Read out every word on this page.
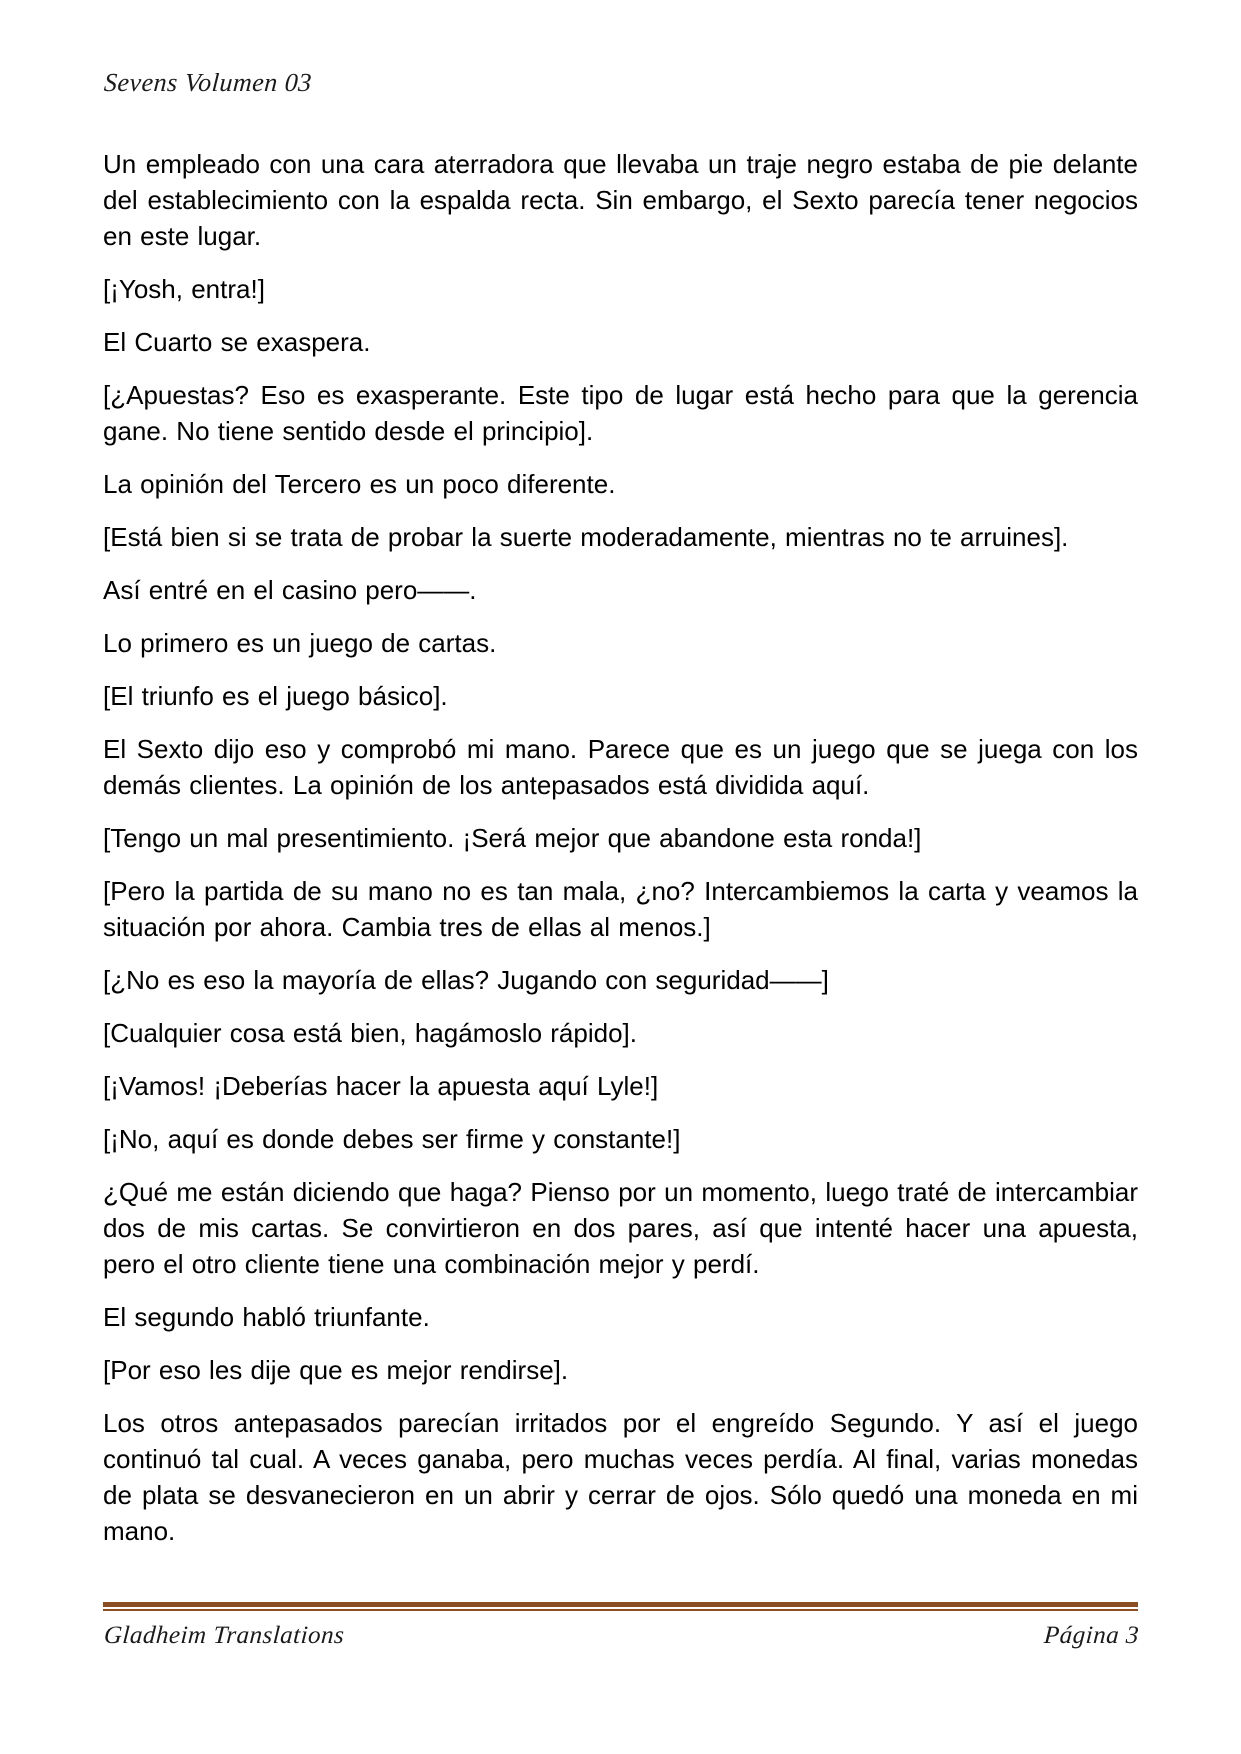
Sevens Volumen 03

Un empleado con una cara aterradora que llevaba un traje negro estaba de pie delante del establecimiento con la espalda recta. Sin embargo, el Sexto parecía tener negocios en este lugar.

[¡Yosh, entra!]

El Cuarto se exaspera.

[¿Apuestas? Eso es exasperante. Este tipo de lugar está hecho para que la gerencia gane. No tiene sentido desde el principio].

La opinión del Tercero es un poco diferente.

[Está bien si se trata de probar la suerte moderadamente, mientras no te arruines].

Así entré en el casino pero——.

Lo primero es un juego de cartas.

[El triunfo es el juego básico].

El Sexto dijo eso y comprobó mi mano. Parece que es un juego que se juega con los demás clientes. La opinión de los antepasados está dividida aquí.

[Tengo un mal presentimiento. ¡Será mejor que abandone esta ronda!]

[Pero la partida de su mano no es tan mala, ¿no? Intercambiemos la carta y veamos la situación por ahora. Cambia tres de ellas al menos.]

[¿No es eso la mayoría de ellas? Jugando con seguridad——]

[Cualquier cosa está bien, hagámoslo rápido].

[¡Vamos! ¡Deberías hacer la apuesta aquí Lyle!]

[¡No, aquí es donde debes ser firme y constante!]

¿Qué me están diciendo que haga? Pienso por un momento, luego traté de intercambiar dos de mis cartas. Se convirtieron en dos pares, así que intenté hacer una apuesta, pero el otro cliente tiene una combinación mejor y perdí.

El segundo habló triunfante.

[Por eso les dije que es mejor rendirse].

Los otros antepasados parecían irritados por el engreído Segundo. Y así el juego continuó tal cual. A veces ganaba, pero muchas veces perdía. Al final, varias monedas de plata se desvanecieron en un abrir y cerrar de ojos. Sólo quedó una moneda en mi mano.

Gladheim Translations	Página 3
